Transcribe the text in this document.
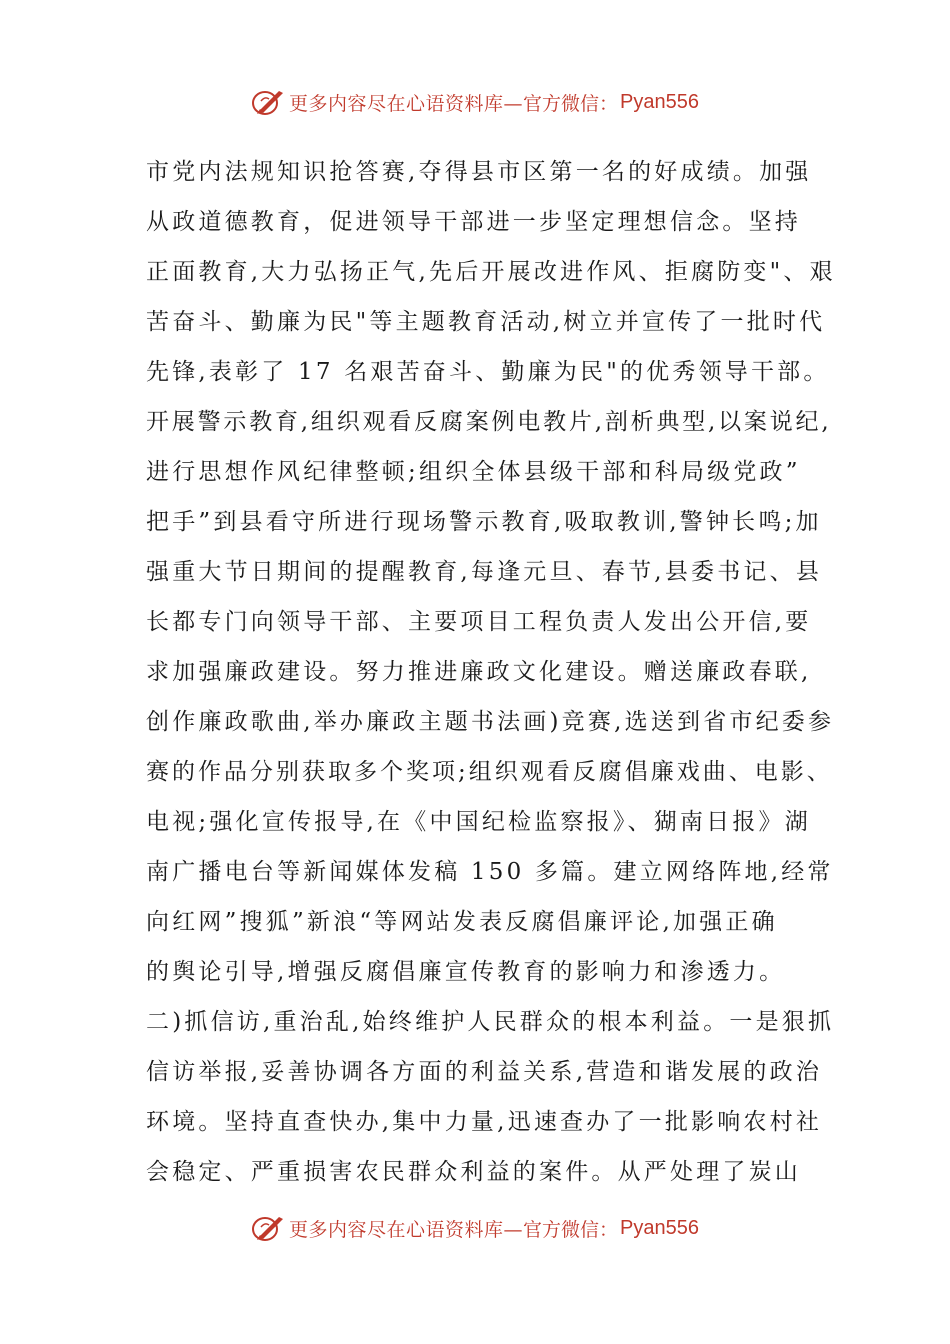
更多内容尽在心语资料库— 官方微信： Pyan556
市党内法规知识抢答赛,夺得县市区第一名的好成绩。加强
从政道德教育，促进领导干部进一步坚定理想信念。坚持
正面教育,大力弘扬正气,先后开展改进作风、拒腐防变"、艰
苦奋斗、勤廉为民"等主题教育活动,树立并宣传了一批时代
先锋,表彰了 17 名艰苦奋斗、勤廉为民"的优秀领导干部。
开展警示教育,组织观看反腐案例电教片,剖析典型,以案说纪,
进行思想作风纪律整顿;组织全体县级干部和科局级党政”
把手”到县看守所进行现场警示教育,吸取教训,警钟长鸣;加
强重大节日期间的提醒教育,每逢元旦、春节,县委书记、县
长都专门向领导干部、主要项目工程负责人发出公开信,要
求加强廉政建设。努力推进廉政文化建设。赠送廉政春联,
创作廉政歌曲,举办廉政主题书法画)竞赛,选送到省市纪委参
赛的作品分别获取多个奖项;组织观看反腐倡廉戏曲、电影、
电视;强化宣传报导,在《中国纪检监察报》、猢南日报》湖
南广播电台等新闻媒体发稿 150 多篇。建立网络阵地,经常
向红网”搜狐”新浪“等网站发表反腐倡廉评论,加强正确
的舆论引导,增强反腐倡廉宣传教育的影响力和渗透力。
二)抓信访,重治乱,始终维护人民群众的根本利益。一是狠抓
信访举报,妥善协调各方面的利益关系,营造和谐发展的政治
环境。坚持直查快办,集中力量,迅速查办了一批影响农村社
会稳定、严重损害农民群众利益的案件。从严处理了炭山
更多内容尽在心语资料库— 官方微信： Pyan556
